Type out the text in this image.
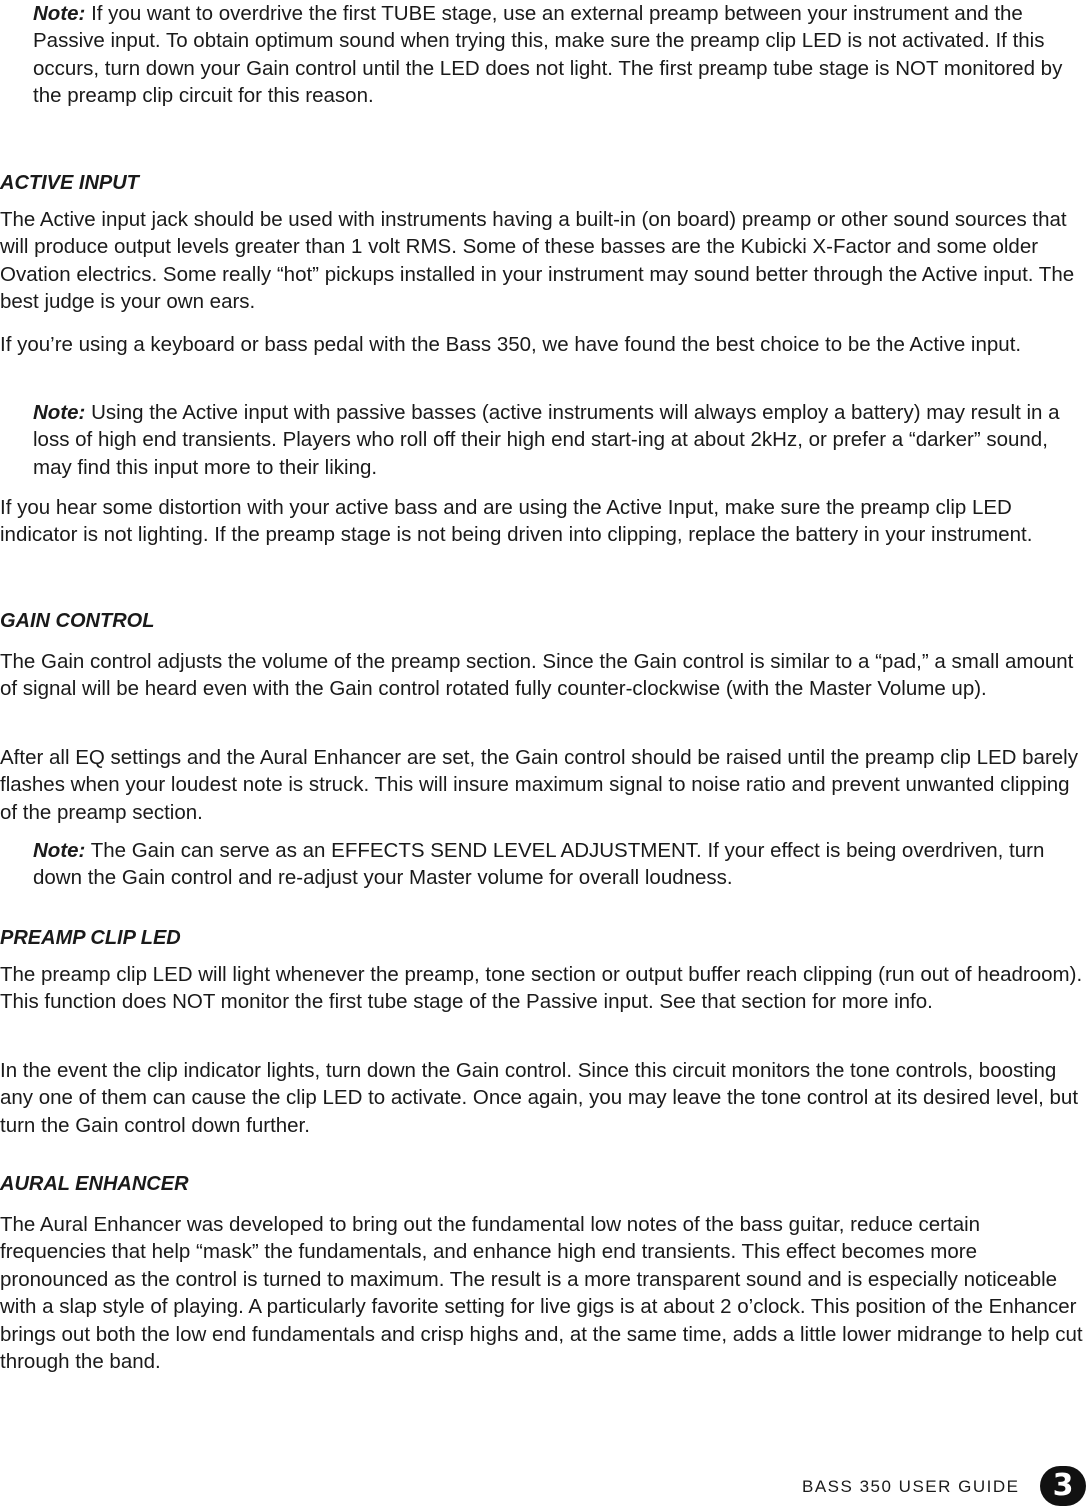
Note: If you want to overdrive the first TUBE stage, use an external preamp between your instrument and the Passive input. To obtain optimum sound when trying this, make sure the preamp clip LED is not activated. If this occurs, turn down your Gain control until the LED does not light. The first preamp tube stage is NOT monitored by the preamp clip circuit for this reason.

ACTIVE INPUT

The Active input jack should be used with instruments having a built-in (on board) preamp or other sound sources that will produce output levels greater than 1 volt RMS. Some of these basses are the Kubicki X-Factor and some older Ovation electrics. Some really “hot” pickups installed in your instrument may sound better through the Active input. The best judge is your own ears.

If you’re using a keyboard or bass pedal with the Bass 350, we have found the best choice to be the Active input.

Note: Using the Active input with passive basses (active instruments will always employ a battery) may result in a loss of high end transients. Players who roll off their high end start-ing at about 2kHz, or prefer a “darker” sound, may find this input more to their liking.

If you hear some distortion with your active bass and are using the Active Input, make sure the preamp clip LED indicator is not lighting. If the preamp stage is not being driven into clipping, replace the battery in your instrument.

GAIN CONTROL

The Gain control adjusts the volume of the preamp section. Since the Gain control is similar to a “pad,” a small amount of signal will be heard even with the Gain control rotated fully counter-clockwise (with the Master Volume up).

After all EQ settings and the Aural Enhancer are set, the Gain control should be raised until the preamp clip LED barely flashes when your loudest note is struck. This will insure maximum signal to noise ratio and prevent unwanted clipping of the preamp section.

Note: The Gain can serve as an EFFECTS SEND LEVEL ADJUSTMENT. If your effect is being overdriven, turn down the Gain control and re-adjust your Master volume for overall loudness.

PREAMP CLIP LED

The preamp clip LED will light whenever the preamp, tone section or output buffer reach clipping (run out of headroom). This function does NOT monitor the first tube stage of the Passive input. See that section for more info.

In the event the clip indicator lights, turn down the Gain control. Since this circuit monitors the tone controls, boosting any one of them can cause the clip LED to activate. Once again, you may leave the tone control at its desired level, but turn the Gain control down further.

AURAL ENHANCER

The Aural Enhancer was developed to bring out the fundamental low notes of the bass guitar, reduce certain frequencies that help “mask” the fundamentals, and enhance high end transients. This effect becomes more pronounced as the control is turned to maximum. The result is a more transparent sound and is especially noticeable with a slap style of playing. A particularly favorite setting for live gigs is at about 2 o’clock. This position of the Enhancer brings out both the low end fundamentals and crisp highs and, at the same time, adds a little lower midrange to help cut through the band.

BASS 350 USER GUIDE	3
